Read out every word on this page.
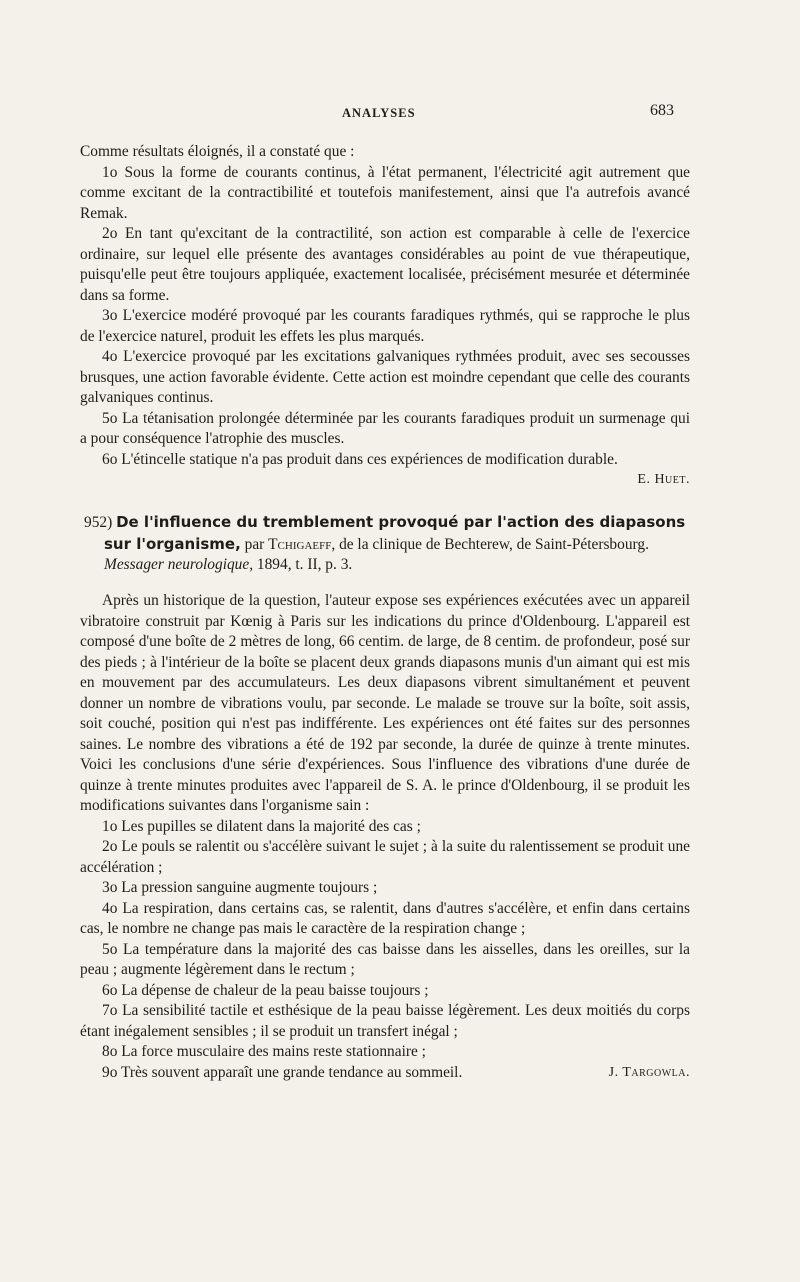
ANALYSES	683

Comme résultats éloignés, il a constaté que :

1o Sous la forme de courants continus, à l'état permanent, l'électricité agit autrement que comme excitant de la contractibilité et toutefois manifestement, ainsi que l'a autrefois avancé Remak.

2o En tant qu'excitant de la contractilité, son action est comparable à celle de l'exercice ordinaire, sur lequel elle présente des avantages considérables au point de vue thérapeutique, puisqu'elle peut être toujours appliquée, exactement localisée, précisément mesurée et déterminée dans sa forme.

3o L'exercice modéré provoqué par les courants faradiques rythmés, qui se rapproche le plus de l'exercice naturel, produit les effets les plus marqués.

4o L'exercice provoqué par les excitations galvaniques rythmées produit, avec ses secousses brusques, une action favorable évidente. Cette action est moindre cependant que celle des courants galvaniques continus.

5o La tétanisation prolongée déterminée par les courants faradiques produit un surmenage qui a pour conséquence l'atrophie des muscles.

6o L'étincelle statique n'a pas produit dans ces expériences de modification durable.
E. Huet.

952) De l'influence du tremblement provoqué par l'action des diapasons sur l'organisme, par Tchigaeff, de la clinique de Bechterew, de Saint-Pétersbourg. Messager neurologique, 1894, t. II, p. 3.

Après un historique de la question, l'auteur expose ses expériences exécutées avec un appareil vibratoire construit par Kœnig à Paris sur les indications du prince d'Oldenbourg. L'appareil est composé d'une boîte de 2 mètres de long, 66 centim. de large, de 8 centim. de profondeur, posé sur des pieds ; à l'intérieur de la boîte se placent deux grands diapasons munis d'un aimant qui est mis en mouvement par des accumulateurs. Les deux diapasons vibrent simultanément et peuvent donner un nombre de vibrations voulu, par seconde. Le malade se trouve sur la boîte, soit assis, soit couché, position qui n'est pas indifférente. Les expériences ont été faites sur des personnes saines. Le nombre des vibrations a été de 192 par seconde, la durée de quinze à trente minutes. Voici les conclusions d'une série d'expériences. Sous l'influence des vibrations d'une durée de quinze à trente minutes produites avec l'appareil de S. A. le prince d'Oldenbourg, il se produit les modifications suivantes dans l'organisme sain :

1o Les pupilles se dilatent dans la majorité des cas ;

2o Le pouls se ralentit ou s'accélère suivant le sujet ; à la suite du ralentissement se produit une accélération ;

3o La pression sanguine augmente toujours ;

4o La respiration, dans certains cas, se ralentit, dans d'autres s'accélère, et enfin dans certains cas, le nombre ne change pas mais le caractère de la respiration change ;

5o La température dans la majorité des cas baisse dans les aisselles, dans les oreilles, sur la peau ; augmente légèrement dans le rectum ;

6o La dépense de chaleur de la peau baisse toujours ;

7o La sensibilité tactile et esthésique de la peau baisse légèrement. Les deux moitiés du corps étant inégalement sensibles ; il se produit un transfert inégal ;

8o La force musculaire des mains reste stationnaire ;

9o Très souvent apparaît une grande tendance au sommeil.	J. Targowla.
